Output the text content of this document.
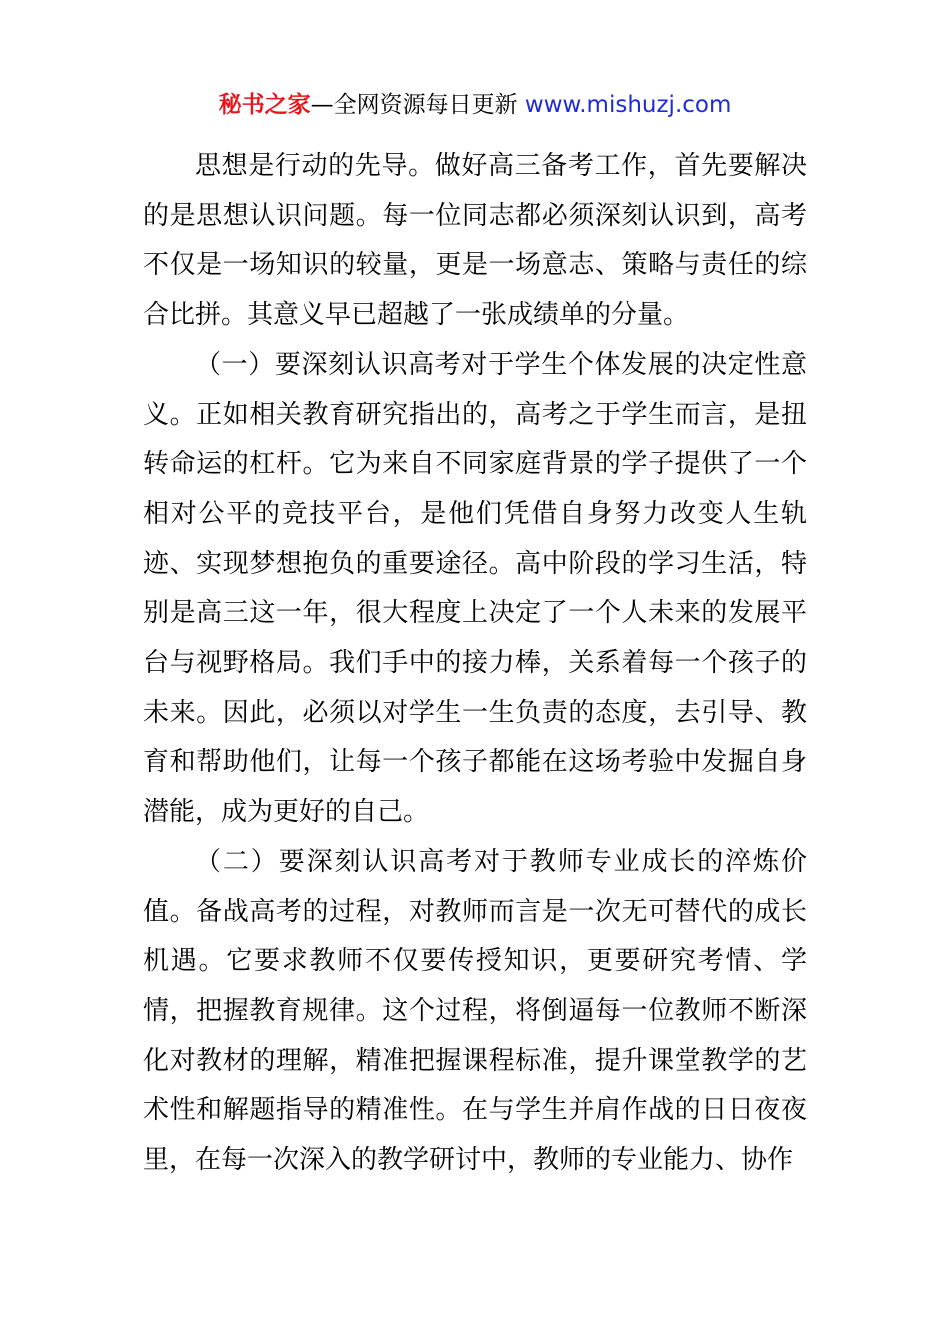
秘书之家—全网资源每日更新 www.mishuzj.com

思想是行动的先导。做好高三备考工作，首先要解决的是思想认识问题。每一位同志都必须深刻认识到，高考不仅是一场知识的较量，更是一场意志、策略与责任的综合比拼。其意义早已超越了一张成绩单的分量。

（一）要深刻认识高考对于学生个体发展的决定性意义。正如相关教育研究指出的，高考之于学生而言，是扭转命运的杠杆。它为来自不同家庭背景的学子提供了一个相对公平的竞技平台，是他们凭借自身努力改变人生轨迹、实现梦想抱负的重要途径。高中阶段的学习生活，特别是高三这一年，很大程度上决定了一个人未来的发展平台与视野格局。我们手中的接力棒，关系着每一个孩子的未来。因此，必须以对学生一生负责的态度，去引导、教育和帮助他们，让每一个孩子都能在这场考验中发掘自身潜能，成为更好的自己。

（二）要深刻认识高考对于教师专业成长的淬炼价值。备战高考的过程，对教师而言是一次无可替代的成长机遇。它要求教师不仅要传授知识，更要研究考情、学情，把握教育规律。这个过程，将倒逼每一位教师不断深化对教材的理解，精准把握课程标准，提升课堂教学的艺术性和解题指导的精准性。在与学生并肩作战的日日夜夜里，在每一次深入的教学研讨中，教师的专业能力、协作
